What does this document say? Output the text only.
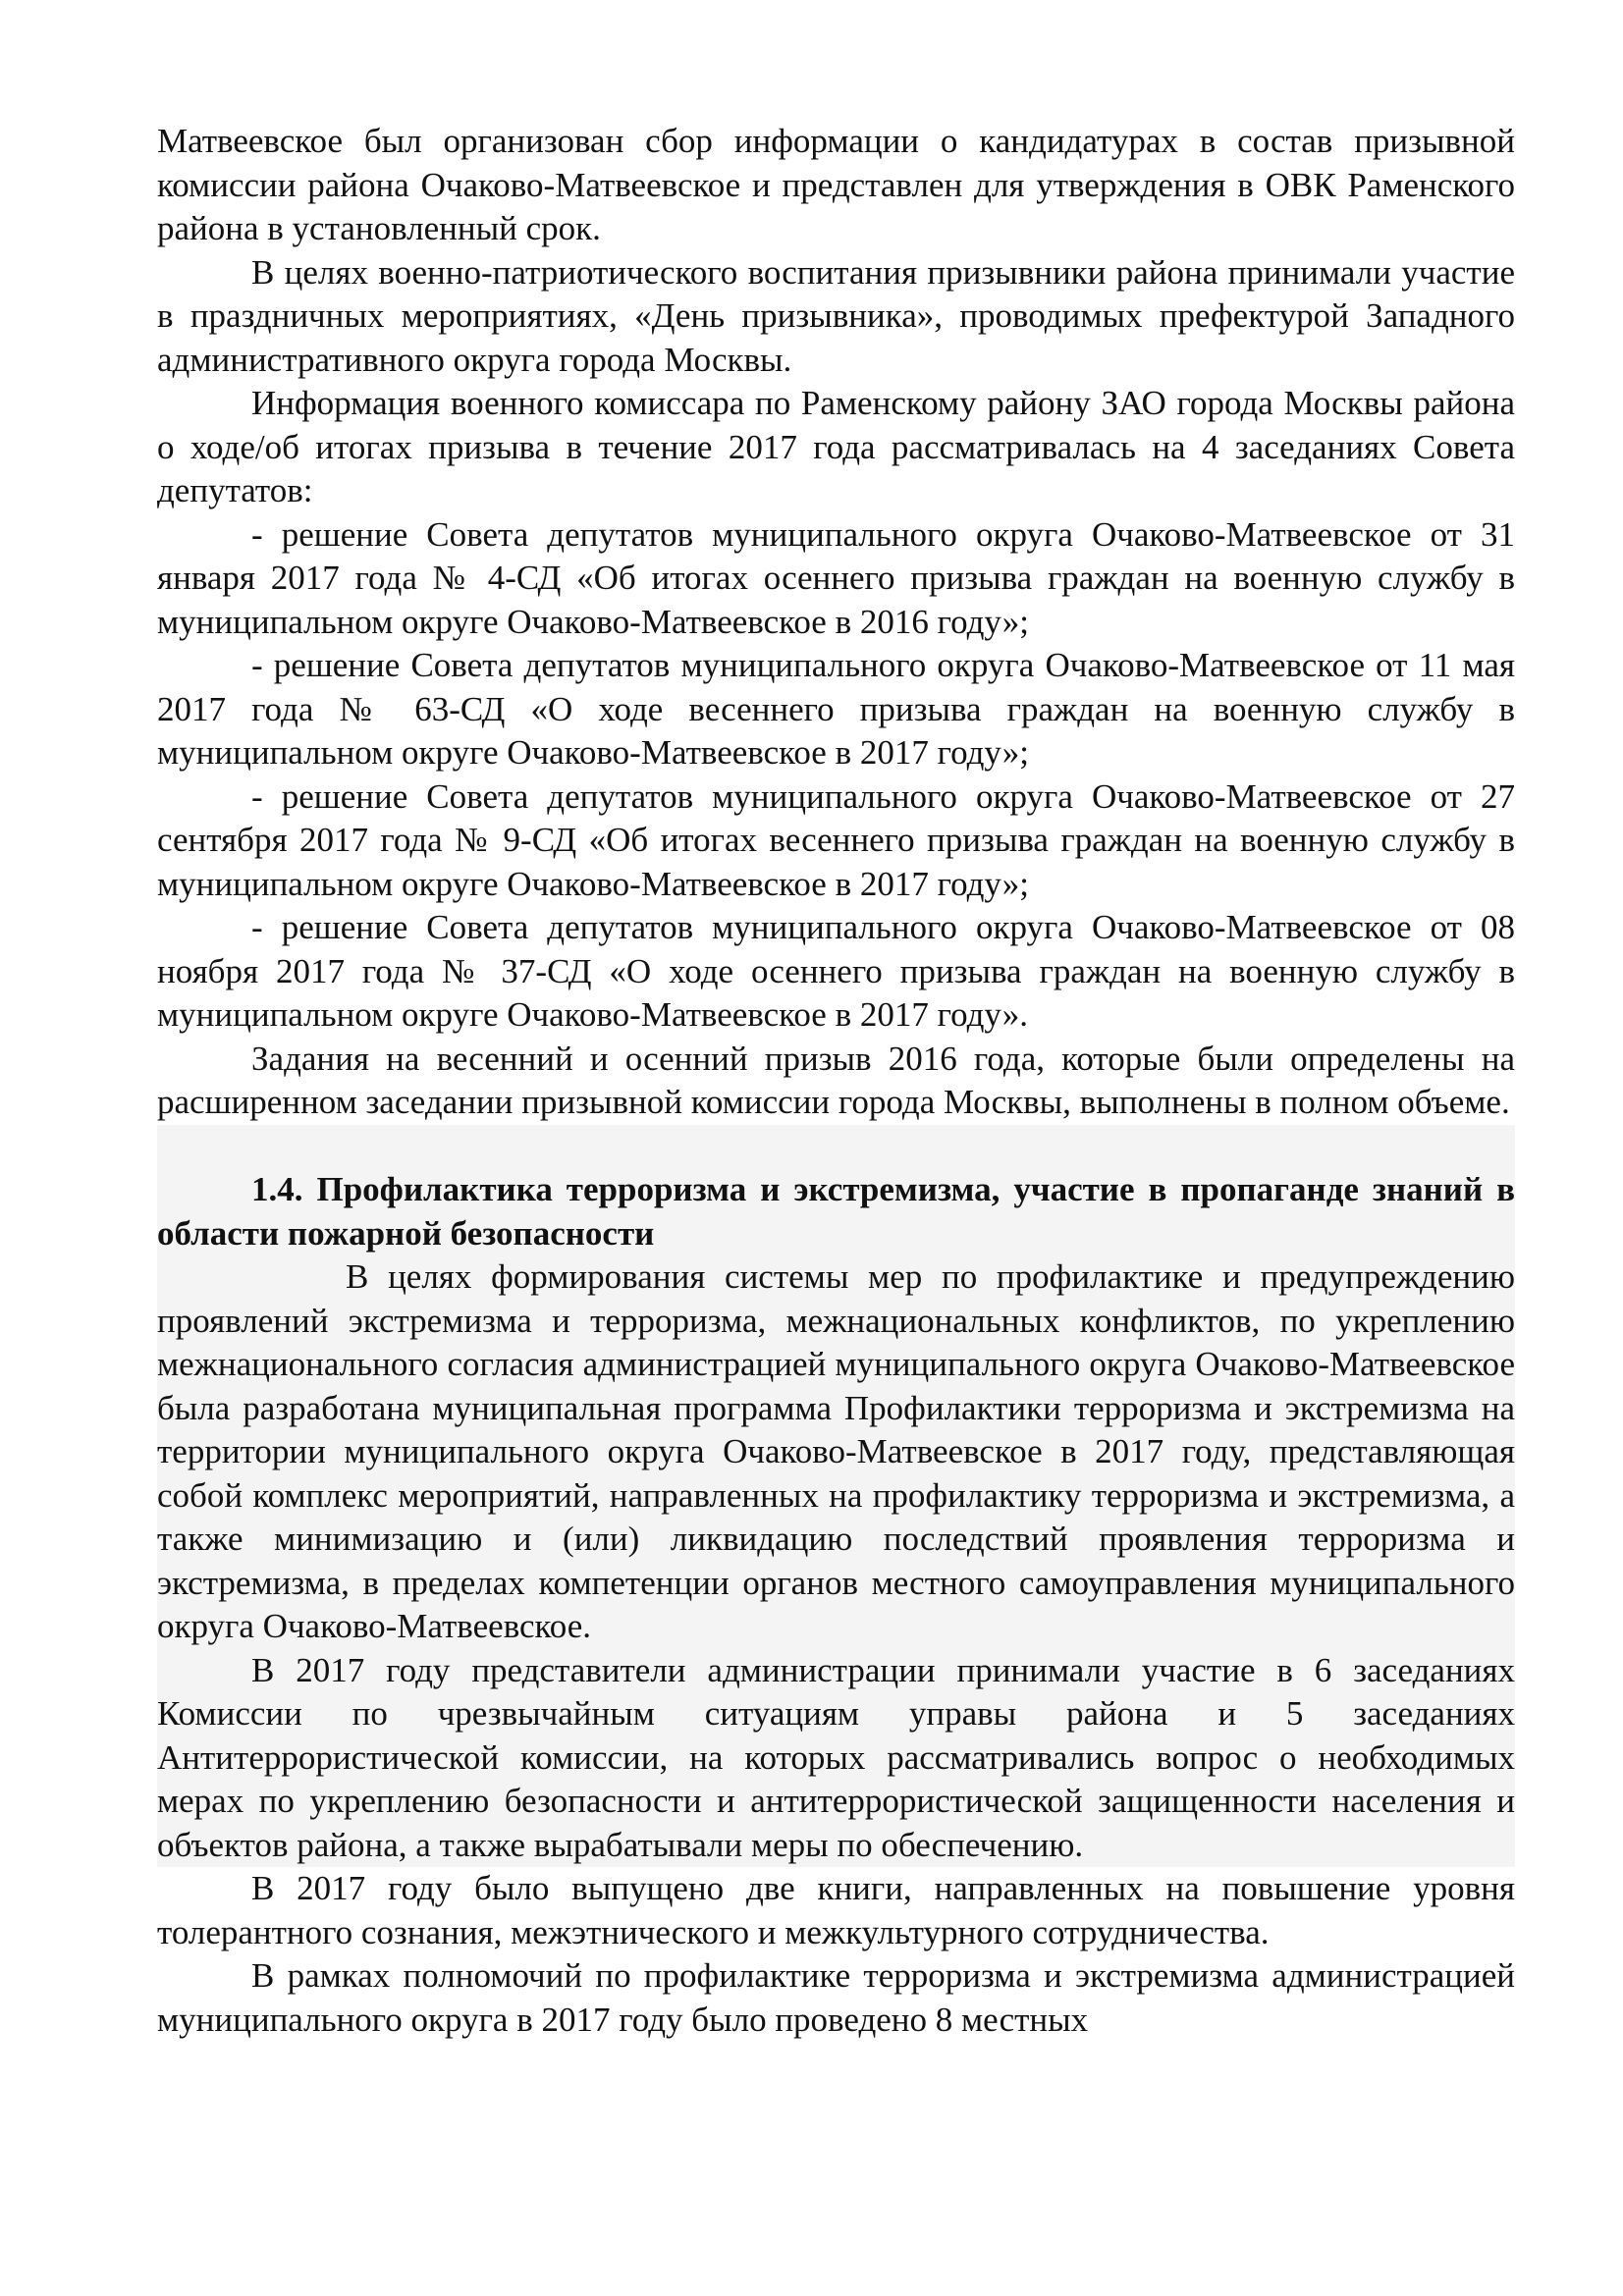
Матвеевское был организован сбор информации о кандидатурах в состав призывной комиссии района Очаково-Матвеевское и представлен для утверждения в ОВК Раменского района в установленный срок.

В целях военно-патриотического воспитания призывники района принимали участие в праздничных мероприятиях, «День призывника», проводимых префектурой Западного административного округа города Москвы.

Информация военного комиссара по Раменскому району ЗАО города Москвы района о ходе/об итогах призыва в течение 2017 года рассматривалась на 4 заседаниях Совета депутатов:

- решение Совета депутатов муниципального округа Очаково-Матвеевское от 31 января 2017 года № 4-СД «Об итогах осеннего призыва граждан на военную службу в муниципальном округе Очаково-Матвеевское в 2016 году»;

- решение Совета депутатов муниципального округа Очаково-Матвеевское от 11 мая 2017 года № 63-СД «О ходе весеннего призыва граждан на военную службу в муниципальном округе Очаково-Матвеевское в 2017 году»;

- решение Совета депутатов муниципального округа Очаково-Матвеевское от 27 сентября 2017 года № 9-СД «Об итогах весеннего призыва граждан на военную службу в муниципальном округе Очаково-Матвеевское в 2017 году»;

- решение Совета депутатов муниципального округа Очаково-Матвеевское от 08 ноября 2017 года № 37-СД «О ходе осеннего призыва граждан на военную службу в муниципальном округе Очаково-Матвеевское в 2017 году».

Задания на весенний и осенний призыв 2016 года, которые были определены на расширенном заседании призывной комиссии города Москвы, выполнены в полном объеме.

1.4. Профилактика терроризма и экстремизма, участие в пропаганде знаний в области пожарной безопасности

В целях формирования системы мер по профилактике и предупреждению проявлений экстремизма и терроризма, межнациональных конфликтов, по укреплению межнационального согласия администрацией муниципального округа Очаково-Матвеевское была разработана муниципальная программа Профилактики терроризма и экстремизма на территории муниципального округа Очаково-Матвеевское в 2017 году, представляющая собой комплекс мероприятий, направленных на профилактику терроризма и экстремизма, а также минимизацию и (или) ликвидацию последствий проявления терроризма и экстремизма, в пределах компетенции органов местного самоуправления муниципального округа Очаково-Матвеевское.

В 2017 году представители администрации принимали участие в 6 заседаниях Комиссии по чрезвычайным ситуациям управы района и 5 заседаниях Антитеррористической комиссии, на которых рассматривались вопрос о необходимых мерах по укреплению безопасности и антитеррористической защищенности населения и объектов района, а также вырабатывали меры по обеспечению.

В 2017 году было выпущено две книги, направленных на повышение уровня толерантного сознания, межэтнического и межкультурного сотрудничества.

В рамках полномочий по профилактике терроризма и экстремизма администрацией муниципального округа в 2017 году было проведено 8 местных
